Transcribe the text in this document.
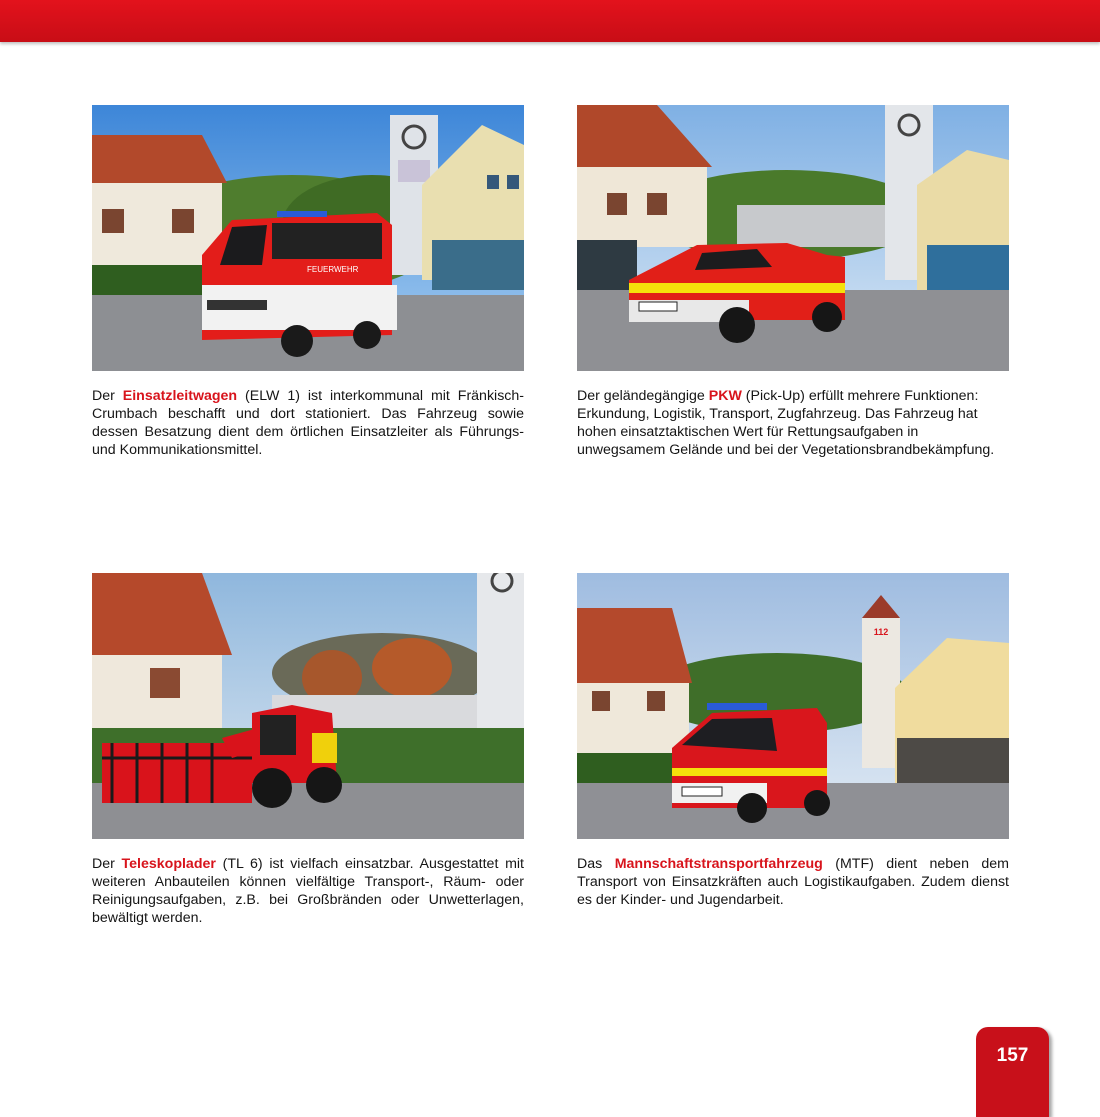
FEUERWEHR
Der Einsatzleitwagen (ELW 1) ist interkommunal mit Fränkisch-Crumbach beschafft und dort stationiert. Das Fahrzeug sowie dessen Besatzung dient dem örtlichen Einsatzleiter als Führungs- und Kommunikationsmittel.
Der geländegängige PKW (Pick-Up) erfüllt mehrere Funktionen: Erkundung, Logistik, Transport, Zugfahrzeug. Das Fahrzeug hat hohen einsatztaktischen Wert für Rettungsaufgaben in unwegsamem Gelände und bei der Vegetationsbrandbekämpfung.
Der Teleskoplader (TL 6) ist vielfach einsatzbar. Ausgestattet mit weiteren Anbauteilen können vielfältige Transport-, Räum- oder Reinigungsaufgaben, z.B. bei Großbränden oder Unwetterlagen, bewältigt werden.
112
Das Mannschaftstransportfahrzeug (MTF) dient neben dem Transport von Einsatzkräften auch Logistikaufgaben. Zudem dienst es der Kinder- und Jugendarbeit.
157
